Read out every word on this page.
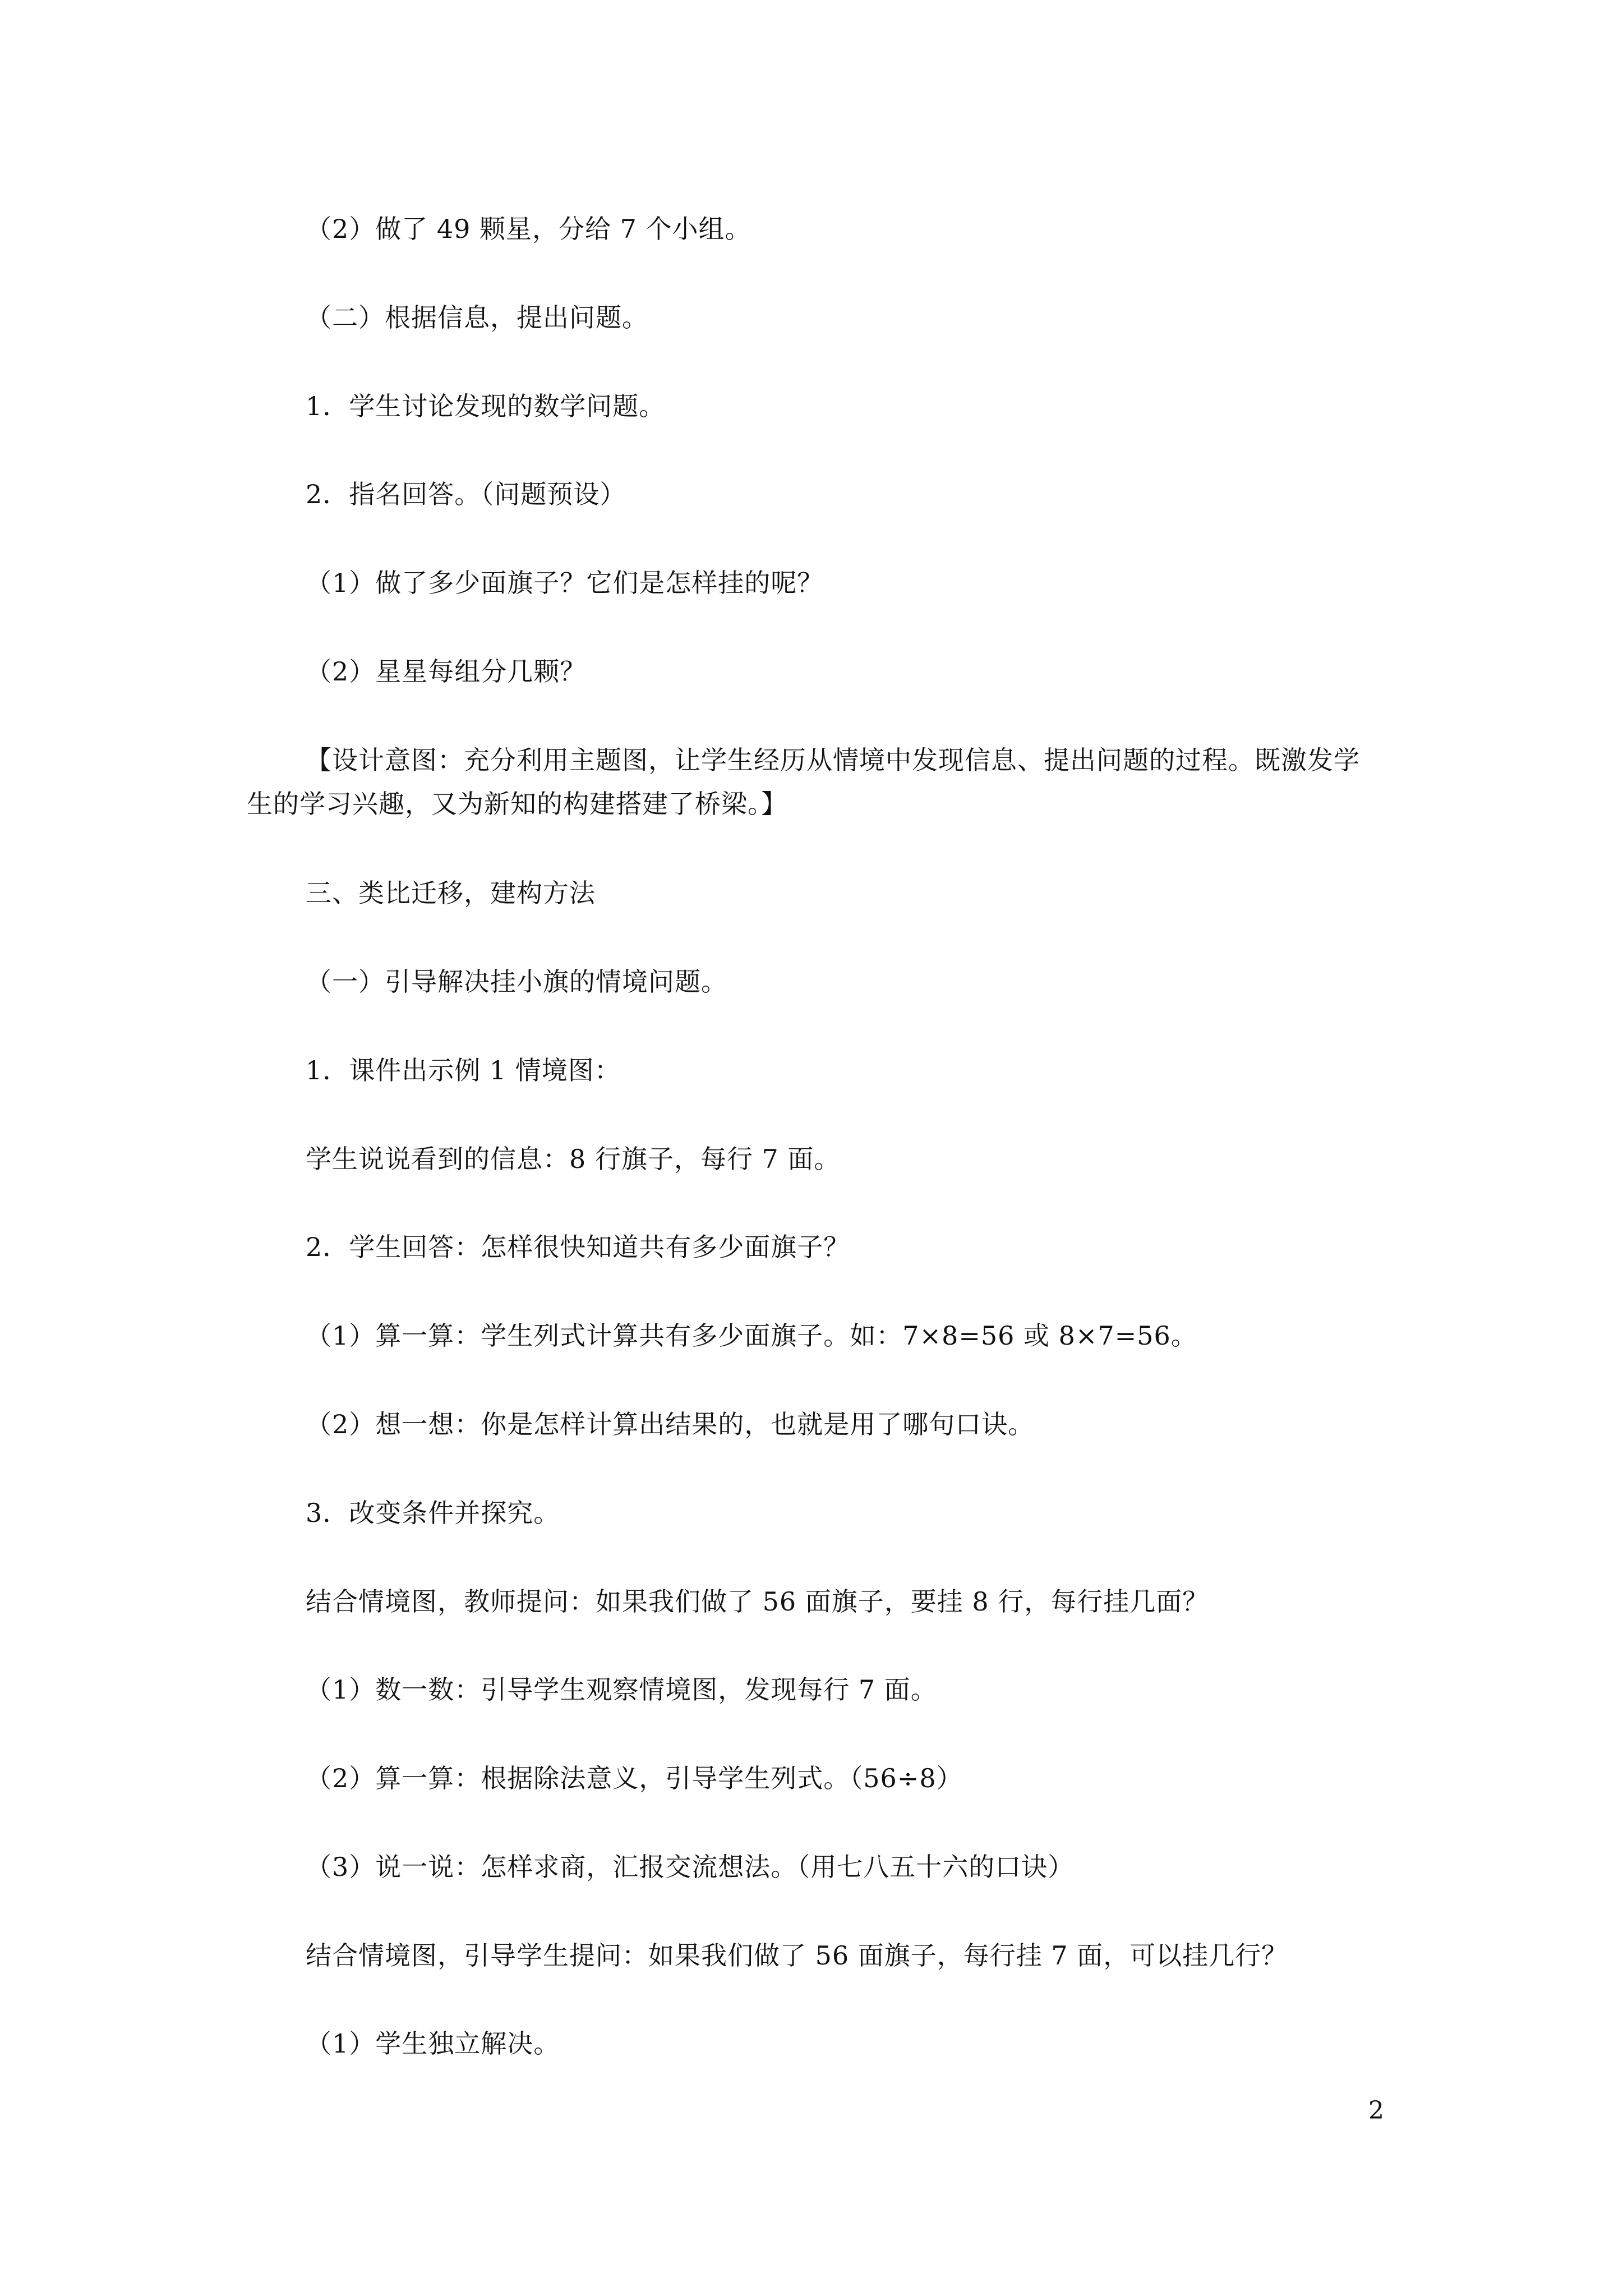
（2）做了 49 颗星，分给 7 个小组。
（二）根据信息，提出问题。
1．学生讨论发现的数学问题。
2．指名回答。（问题预设）
（1）做了多少面旗子？它们是怎样挂的呢？
（2）星星每组分几颗？
【设计意图：充分利用主题图，让学生经历从情境中发现信息、提出问题的过程。既激发学生的学习兴趣，又为新知的构建搭建了桥梁。】
三、类比迁移，建构方法
（一）引导解决挂小旗的情境问题。
1．课件出示例 1 情境图：
学生说说看到的信息：8 行旗子，每行 7 面。
2．学生回答：怎样很快知道共有多少面旗子？
（1）算一算：学生列式计算共有多少面旗子。如：7×8=56 或 8×7=56。
（2）想一想：你是怎样计算出结果的，也就是用了哪句口诀。
3．改变条件并探究。
结合情境图，教师提问：如果我们做了 56 面旗子，要挂 8 行，每行挂几面？
（1）数一数：引导学生观察情境图，发现每行 7 面。
（2）算一算：根据除法意义，引导学生列式。（56÷8）
（3）说一说：怎样求商，汇报交流想法。（用七八五十六的口诀）
结合情境图，引导学生提问：如果我们做了 56 面旗子，每行挂 7 面，可以挂几行？
（1）学生独立解决。
2
